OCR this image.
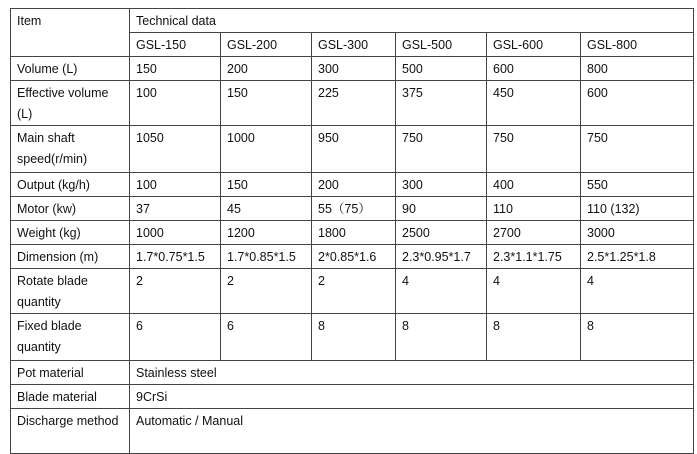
Item	Technical data					
	GSL-150	GSL-200	GSL-300	GSL-500	GSL-600	GSL-800
Volume (L)	150	200	300	500	600	800
Effective volume (L)	100	150	225	375	450	600
Main shaft speed(r/min)	1050	1000	950	750	750	750
Output (kg/h)	100	150	200	300	400	550
Motor (kw)	37	45	55（75）	90	110	110 (132)
Weight (kg)	1000	1200	1800	2500	2700	3000
Dimension (m)	1.7*0.75*1.5	1.7*0.85*1.5	2*0.85*1.6	2.3*0.95*1.7	2.3*1.1*1.75	2.5*1.25*1.8
Rotate blade quantity	2	2	2	4	4	4
Fixed blade quantity	6	6	8	8	8	8
Pot material	Stainless steel					
Blade material	9CrSi					
Discharge method	Automatic / Manual					
